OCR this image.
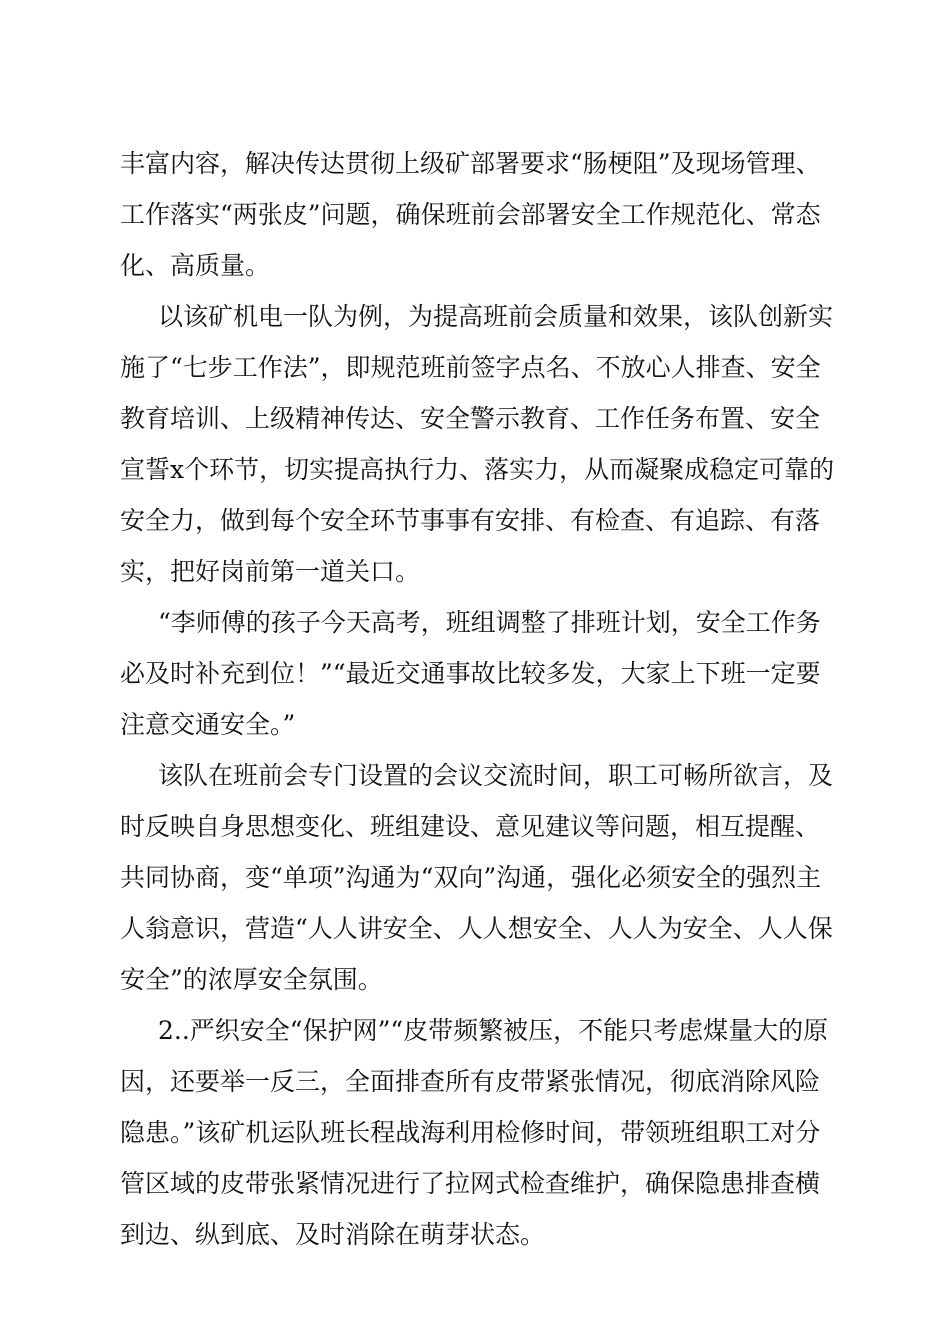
丰富内容，解决传达贯彻上级矿部署要求“肠梗阻”及现场管理、工作落实“两张皮”问题，确保班前会部署安全工作规范化、常态化、高质量。

以该矿机电一队为例，为提高班前会质量和效果，该队创新实施了“七步工作法”，即规范班前签字点名、不放心人排查、安全教育培训、上级精神传达、安全警示教育、工作任务布置、安全宣誓x个环节，切实提高执行力、落实力，从而凝聚成稳定可靠的安全力，做到每个安全环节事事有安排、有检查、有追踪、有落实，把好岗前第一道关口。

“李师傅的孩子今天高考，班组调整了排班计划，安全工作务必及时补充到位！”“最近交通事故比较多发，大家上下班一定要注意交通安全。”

该队在班前会专门设置的会议交流时间，职工可畅所欲言，及时反映自身思想变化、班组建设、意见建议等问题，相互提醒、共同协商，变“单项”沟通为“双向”沟通，强化必须安全的强烈主人翁意识，营造“人人讲安全、人人想安全、人人为安全、人人保安全”的浓厚安全氛围。

2..严织安全“保护网”“皮带频繁被压，不能只考虑煤量大的原因，还要举一反三，全面排查所有皮带紧张情况，彻底消除风险隐患。”该矿机运队班长程战海利用检修时间，带领班组职工对分管区域的皮带张紧情况进行了拉网式检查维护，确保隐患排查横到边、纵到底、及时消除在萌芽状态。
